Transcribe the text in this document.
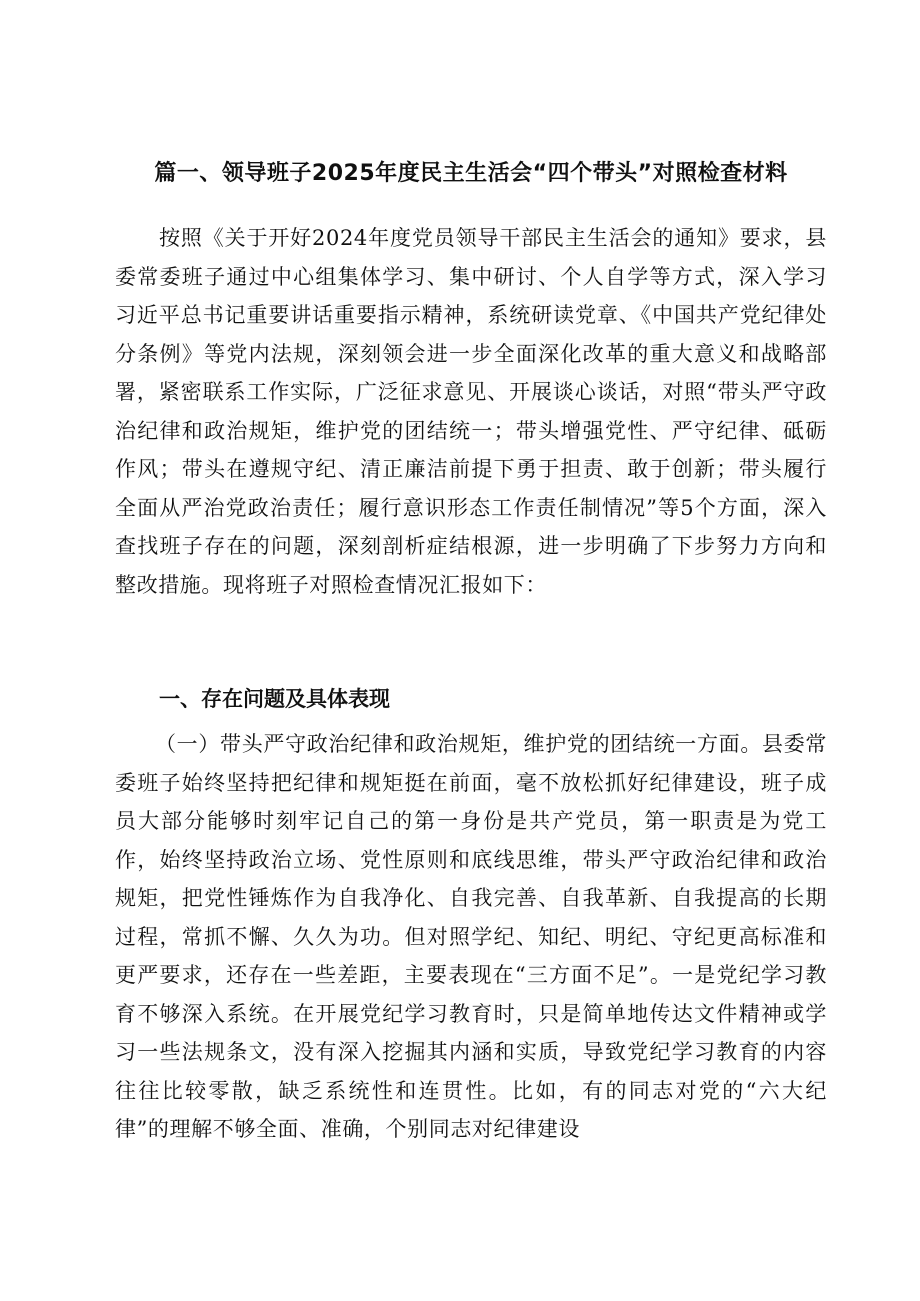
篇一、领导班子2025年度民主生活会“四个带头”对照检查材料

按照《关于开好2024年度党员领导干部民主生活会的通知》要求，县委常委班子通过中心组集体学习、集中研讨、个人自学等方式，深入学习习近平总书记重要讲话重要指示精神，系统研读党章、《中国共产党纪律处分条例》等党内法规，深刻领会进一步全面深化改革的重大意义和战略部署，紧密联系工作实际，广泛征求意见、开展谈心谈话，对照“带头严守政治纪律和政治规矩，维护党的团结统一；带头增强党性、严守纪律、砥砺作风；带头在遵规守纪、清正廉洁前提下勇于担责、敢于创新；带头履行全面从严治党政治责任；履行意识形态工作责任制情况”等5个方面，深入查找班子存在的问题，深刻剖析症结根源，进一步明确了下步努力方向和整改措施。现将班子对照检查情况汇报如下：

一、存在问题及具体表现

（一）带头严守政治纪律和政治规矩，维护党的团结统一方面。县委常委班子始终坚持把纪律和规矩挺在前面，毫不放松抓好纪律建设，班子成员大部分能够时刻牢记自己的第一身份是共产党员，第一职责是为党工作，始终坚持政治立场、党性原则和底线思维，带头严守政治纪律和政治规矩，把党性锤炼作为自我净化、自我完善、自我革新、自我提高的长期过程，常抓不懈、久久为功。但对照学纪、知纪、明纪、守纪更高标准和更严要求，还存在一些差距，主要表现在“三方面不足”。一是党纪学习教育不够深入系统。在开展党纪学习教育时，只是简单地传达文件精神或学习一些法规条文，没有深入挖掘其内涵和实质，导致党纪学习教育的内容往往比较零散，缺乏系统性和连贯性。比如，有的同志对党的“六大纪律”的理解不够全面、准确，个别同志对纪律建设
